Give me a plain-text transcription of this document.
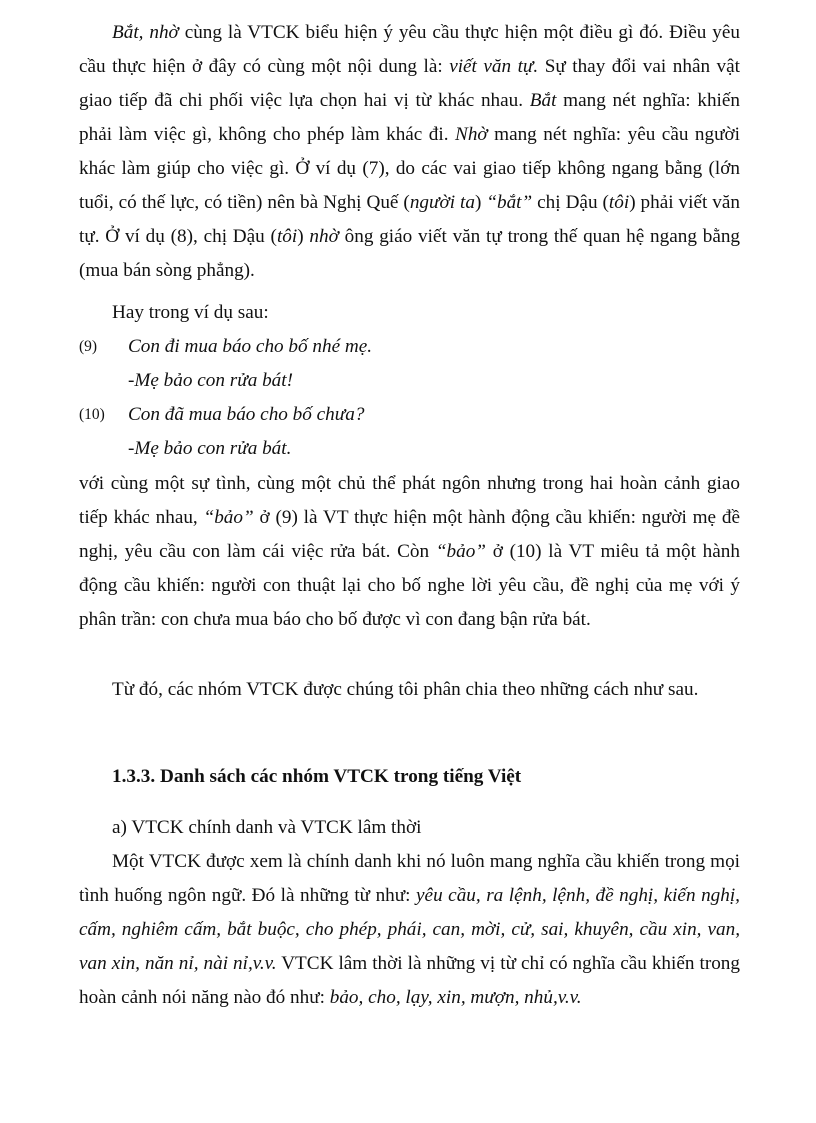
Bắt, nhờ cùng là VTCK biểu hiện ý yêu cầu thực hiện một điều gì đó. Điều yêu cầu thực hiện ở đây có cùng một nội dung là: viết văn tự. Sự thay đổi vai nhân vật giao tiếp đã chi phối việc lựa chọn hai vị từ khác nhau. Bắt mang nét nghĩa: khiến phải làm việc gì, không cho phép làm khác đi. Nhờ mang nét nghĩa: yêu cầu người khác làm giúp cho việc gì. Ở ví dụ (7), do các vai giao tiếp không ngang bằng (lớn tuổi, có thế lực, có tiền) nên bà Nghị Quế (người ta) “bắt” chị Dậu (tôi) phải viết văn tự. Ở ví dụ (8), chị Dậu (tôi) nhờ ông giáo viết văn tự trong thế quan hệ ngang bằng (mua bán sòng phẳng).

Hay trong ví dụ sau:

(9) Con đi mua báo cho bố nhé mẹ.
-Mẹ bảo con rửa bát!
(10) Con đã mua báo cho bố chưa?
-Mẹ bảo con rửa bát.

với cùng một sự tình, cùng một chủ thể phát ngôn nhưng trong hai hoàn cảnh giao tiếp khác nhau, “bảo” ở (9) là VT thực hiện một hành động cầu khiến: người mẹ đề nghị, yêu cầu con làm cái việc rửa bát. Còn “bảo” ở (10) là VT miêu tả một hành động cầu khiến: người con thuật lại cho bố nghe lời yêu cầu, đề nghị của mẹ với ý phân trần: con chưa mua báo cho bố được vì con đang bận rửa bát.

Từ đó, các nhóm VTCK được chúng tôi phân chia theo những cách như sau.

1.3.3. Danh sách các nhóm VTCK trong tiếng Việt

a) VTCK chính danh và VTCK lâm thời

Một VTCK được xem là chính danh khi nó luôn mang nghĩa cầu khiến trong mọi tình huống ngôn ngữ. Đó là những từ như: yêu cầu, ra lệnh, lệnh, đề nghị, kiến nghị, cấm, nghiêm cấm, bắt buộc, cho phép, phái, can, mời, cử, sai, khuyên, cầu xin, van, van xin, năn nỉ, nài nỉ,v.v. VTCK lâm thời là những vị từ chỉ có nghĩa cầu khiến trong hoàn cảnh nói năng nào đó như: bảo, cho, lạy, xin, mượn, nhủ,v.v.
